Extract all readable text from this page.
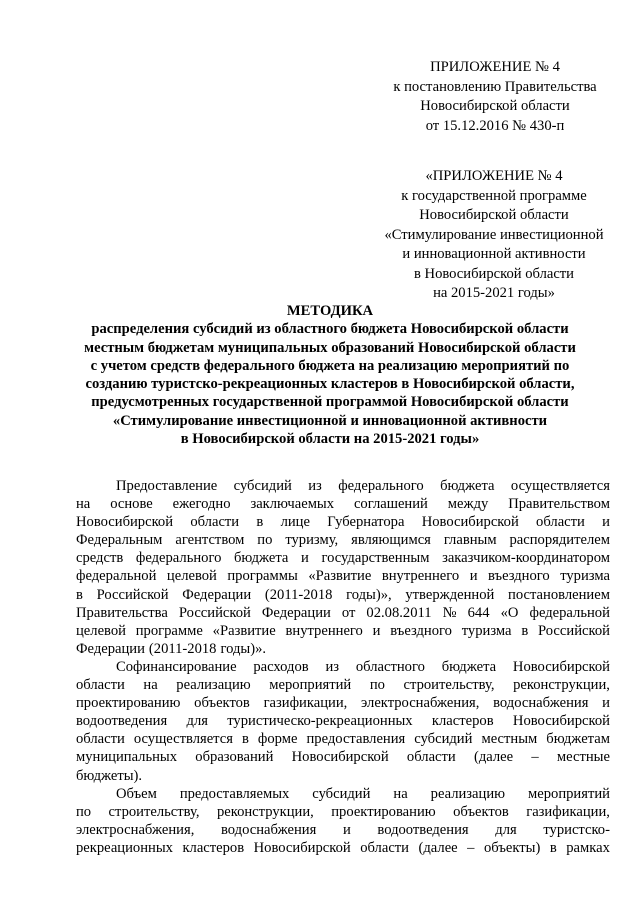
ПРИЛОЖЕНИЕ № 4
к постановлению Правительства
Новосибирской области
от 15.12.2016 № 430-п
«ПРИЛОЖЕНИЕ № 4
к государственной программе
Новосибирской области
«Стимулирование инвестиционной
и инновационной активности
в Новосибирской области
на 2015-2021 годы»
МЕТОДИКА
распределения субсидий из областного бюджета Новосибирской области
местным бюджетам муниципальных образований Новосибирской области
с учетом средств федерального бюджета на реализацию мероприятий по
созданию туристско-рекреационных кластеров в Новосибирской области,
предусмотренных государственной программой Новосибирской области
«Стимулирование инвестиционной и инновационной активности
в Новосибирской области на 2015-2021 годы»
Предоставление субсидий из федерального бюджета осуществляется
на основе ежегодно заключаемых соглашений между Правительством
Новосибирской области в лице Губернатора Новосибирской области и
Федеральным агентством по туризму, являющимся главным распорядителем
средств федерального бюджета и государственным заказчиком-координатором
федеральной целевой программы «Развитие внутреннего и въездного туризма
в Российской Федерации (2011-2018 годы)», утвержденной постановлением
Правительства Российской Федерации от 02.08.2011 № 644 «О федеральной
целевой программе «Развитие внутреннего и въездного туризма в Российской
Федерации (2011-2018 годы)».
Софинансирование расходов из областного бюджета Новосибирской
области на реализацию мероприятий по строительству, реконструкции,
проектированию объектов газификации, электроснабжения, водоснабжения и
водоотведения для туристическо-рекреационных кластеров Новосибирской
области осуществляется в форме предоставления субсидий местным бюджетам
муниципальных образований Новосибирской области (далее – местные
бюджеты).
Объем предоставляемых субсидий на реализацию мероприятий
по строительству, реконструкции, проектированию объектов газификации,
электроснабжения, водоснабжения и водоотведения для туристско-
рекреационных кластеров Новосибирской области (далее – объекты) в рамках
